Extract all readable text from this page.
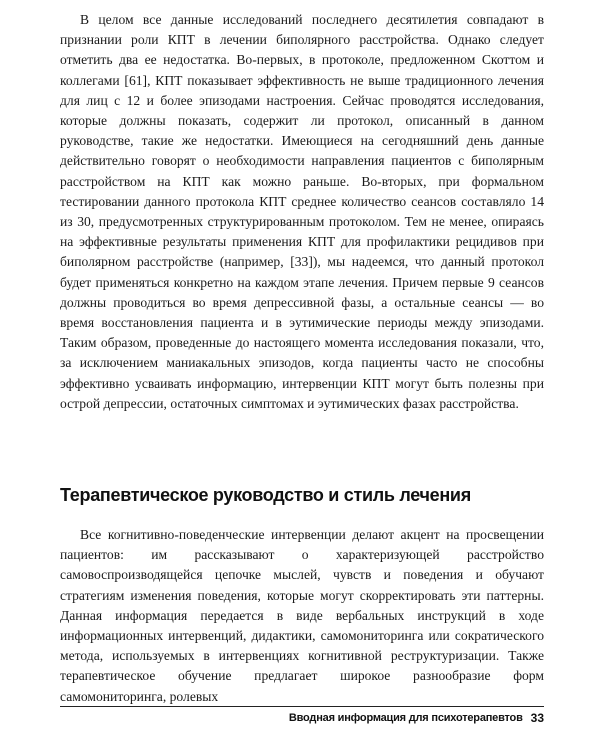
В целом все данные исследований последнего десятилетия совпадают в признании роли КПТ в лечении биполярного расстройства. Однако следует отметить два ее недостатка. Во-первых, в протоколе, предложенном Скоттом и коллегами [61], КПТ показывает эффективность не выше традиционного лечения для лиц с 12 и более эпизодами настроения. Сейчас проводятся исследования, которые должны показать, содержит ли протокол, описанный в данном руководстве, такие же недостатки. Имеющиеся на сегодняшний день данные действительно говорят о необходимости направления пациентов с биполярным расстройством на КПТ как можно раньше. Во-вторых, при формальном тестировании данного протокола КПТ среднее количество сеансов составляло 14 из 30, предусмотренных структурированным протоколом. Тем не менее, опираясь на эффективные результаты применения КПТ для профилактики рецидивов при биполярном расстройстве (например, [33]), мы надеемся, что данный протокол будет применяться конкретно на каждом этапе лечения. Причем первые 9 сеансов должны проводиться во время депрессивной фазы, а остальные сеансы — во время восстановления пациента и в эутимические периоды между эпизодами. Таким образом, проведенные до настоящего момента исследования показали, что, за исключением маниакальных эпизодов, когда пациенты часто не способны эффективно усваивать информацию, интервенции КПТ могут быть полезны при острой депрессии, остаточных симптомах и эутимических фазах расстройства.

Терапевтическое руководство и стиль лечения

Все когнитивно-поведенческие интервенции делают акцент на просвещении пациентов: им рассказывают о характеризующей расстройство самовоспроизводящейся цепочке мыслей, чувств и поведения и обучают стратегиям изменения поведения, которые могут скорректировать эти паттерны. Данная информация передается в виде вербальных инструкций в ходе информационных интервенций, дидактики, самомониторинга или сократического метода, используемых в интервенциях когнитивной реструктуризации. Также терапевтическое обучение предлагает широкое разнообразие форм самомониторинга, ролевых

Вводная информация для психотерапевтов 33
